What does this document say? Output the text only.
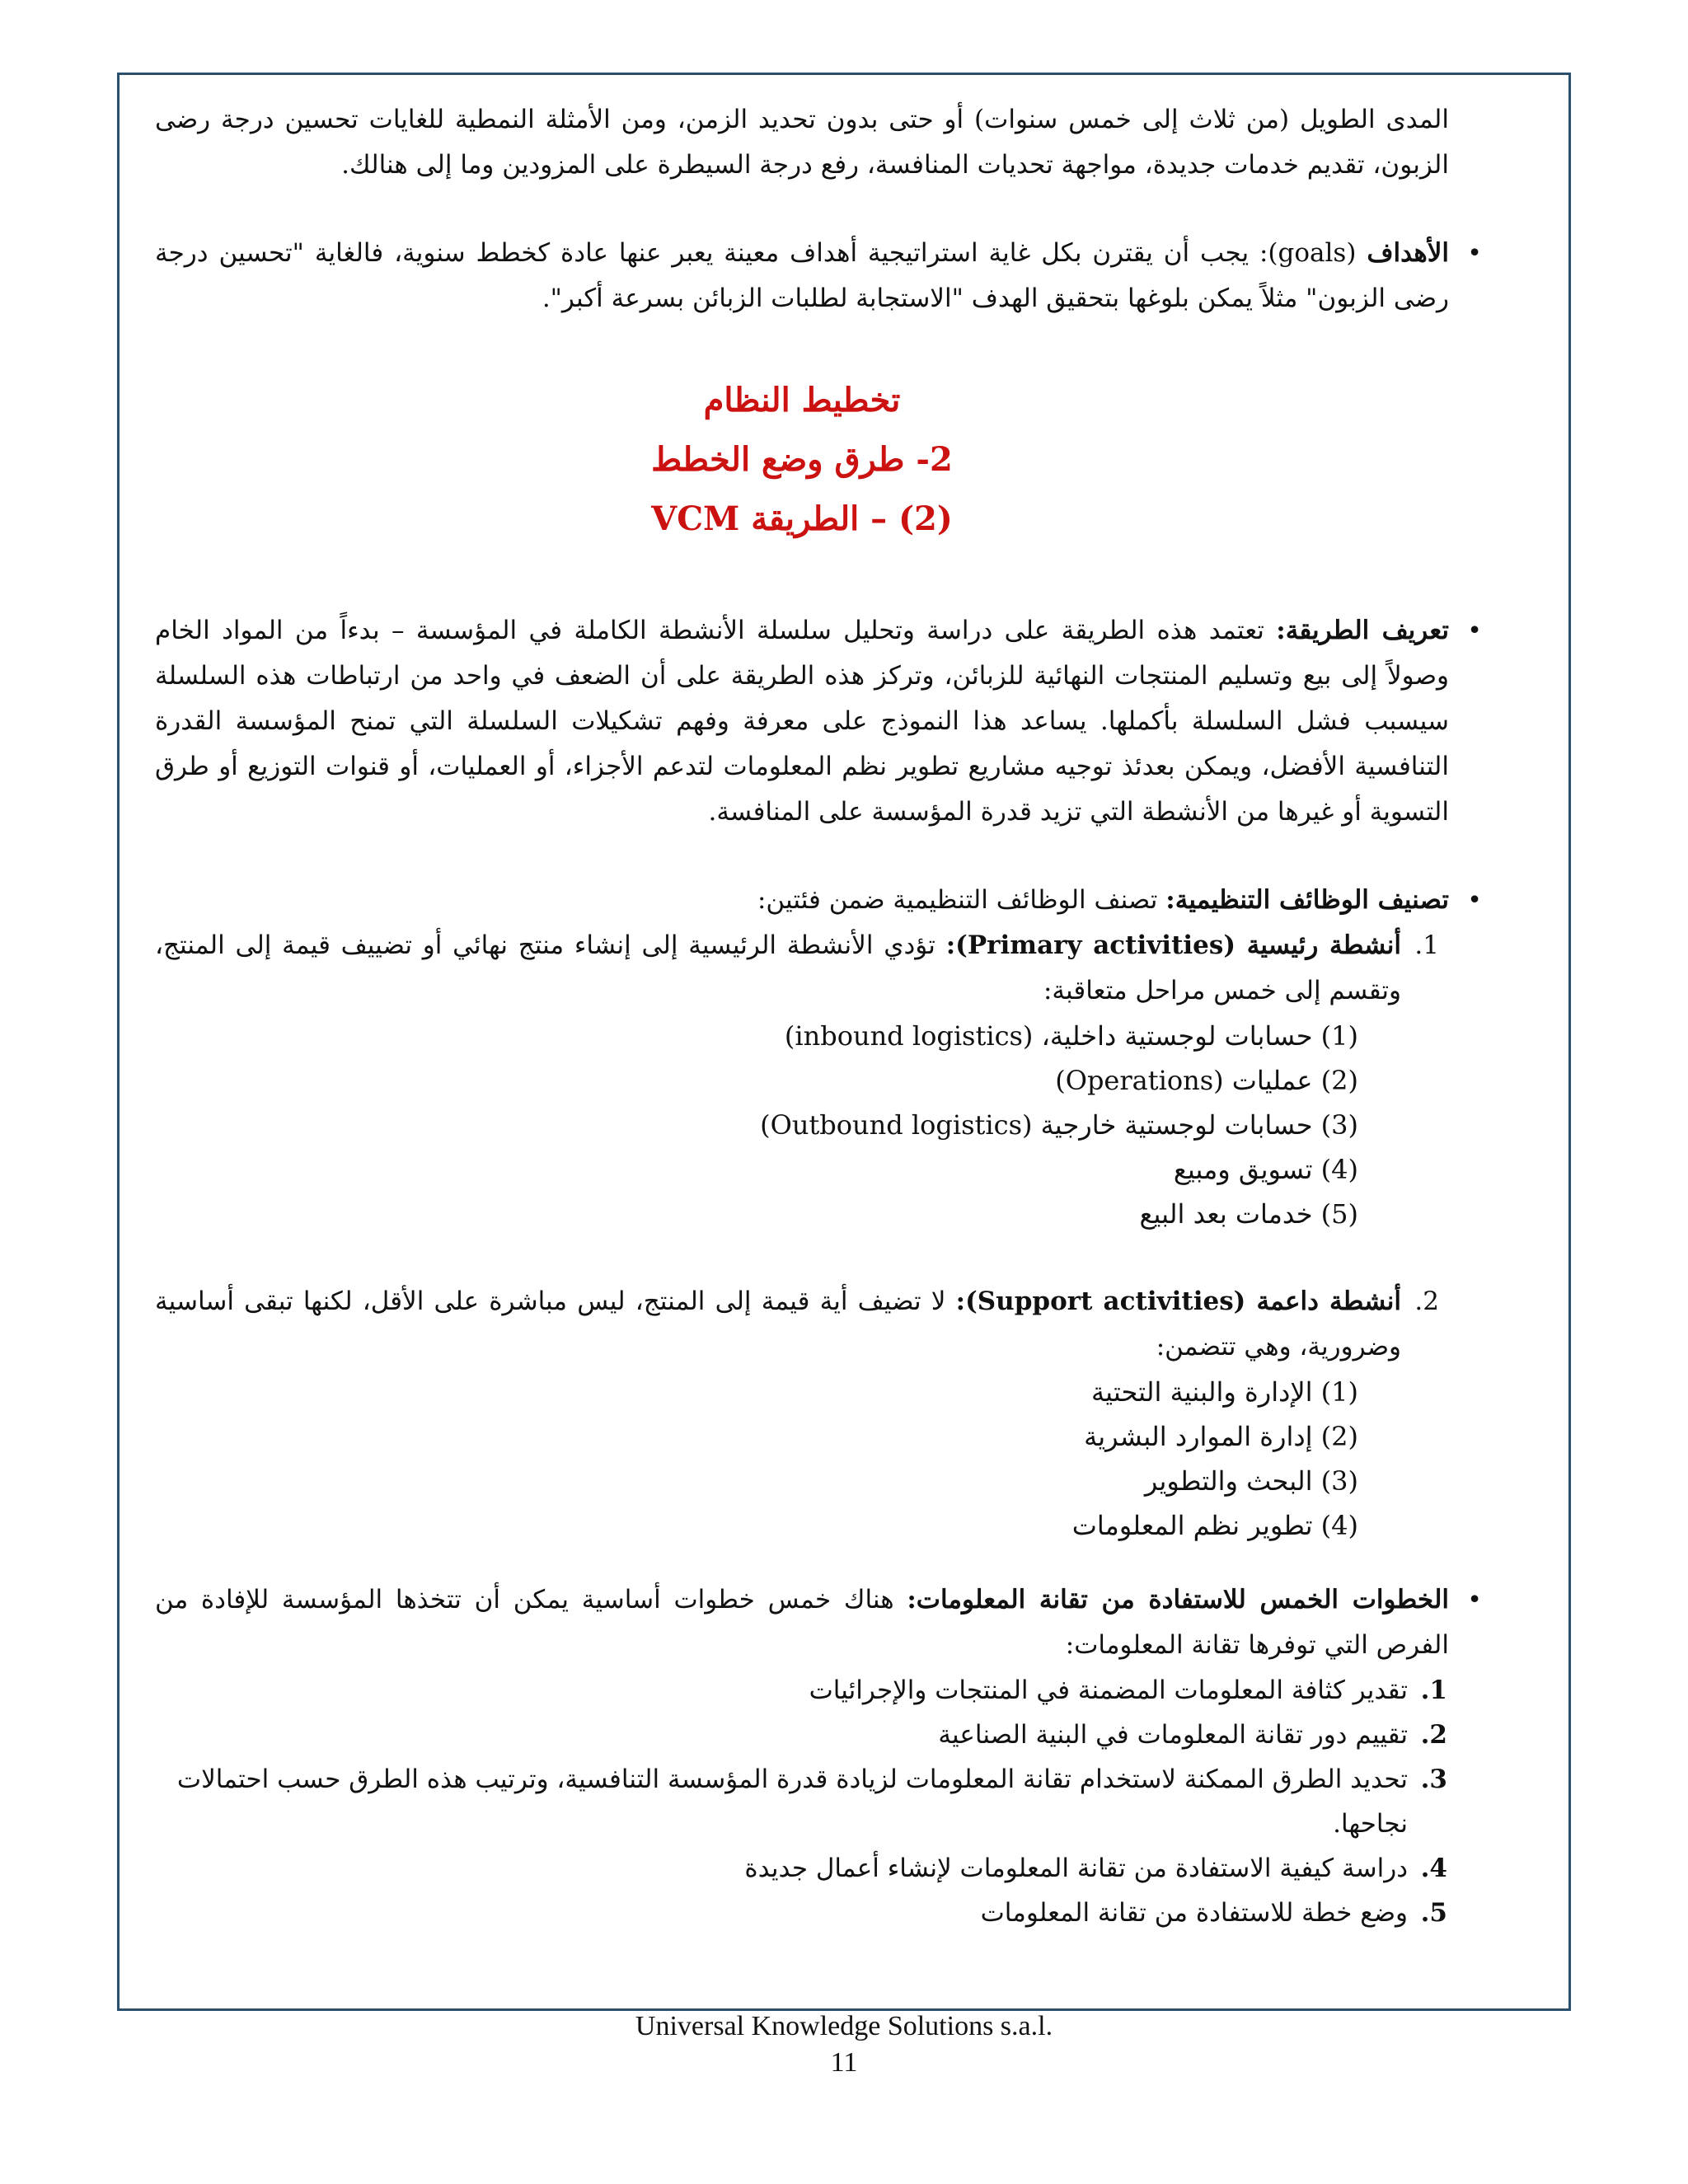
المدى الطويل (من ثلاث إلى خمس سنوات) أو حتى بدون تحديد الزمن، ومن الأمثلة النمطية للغايات تحسين درجة رضى الزبون، تقديم خدمات جديدة، مواجهة تحديات المنافسة، رفع درجة السيطرة على المزودين وما إلى هنالك.

• الأهداف (goals): يجب أن يقترن بكل غاية استراتيجية أهداف معينة يعبر عنها عادة كخطط سنوية، فالغاية "تحسين درجة رضى الزبون" مثلاً يمكن بلوغها بتحقيق الهدف "الاستجابة لطلبات الزبائن بسرعة أكبر".

تخطيط النظام
2- طرق وضع الخطط
(2) – الطريقة VCM

• تعريف الطريقة: تعتمد هذه الطريقة على دراسة وتحليل سلسلة الأنشطة الكاملة في المؤسسة – بدءاً من المواد الخام وصولاً إلى بيع وتسليم المنتجات النهائية للزبائن، وتركز هذه الطريقة على أن الضعف في واحد من ارتباطات هذه السلسلة سيسبب فشل السلسلة بأكملها. يساعد هذا النموذج على معرفة وفهم تشكيلات السلسلة التي تمنح المؤسسة القدرة التنافسية الأفضل، ويمكن بعدئذ توجيه مشاريع تطوير نظم المعلومات لتدعم الأجزاء، أو العمليات، أو قنوات التوزيع أو طرق التسوية أو غيرها من الأنشطة التي تزيد قدرة المؤسسة على المنافسة.

• تصنيف الوظائف التنظيمية: تصنف الوظائف التنظيمية ضمن فئتين:

1.

أنشطة رئيسية (Primary activities): تؤدي الأنشطة الرئيسية إلى إنشاء منتج نهائي أو تضييف قيمة إلى المنتج، وتقسم إلى خمس مراحل متعاقبة:

(1) حسابات لوجستية داخلية، (inbound logistics)
(2) عمليات (Operations)
(3) حسابات لوجستية خارجية (Outbound logistics)
(4) تسويق ومبيع
(5) خدمات بعد البيع
2.

أنشطة داعمة (Support activities): لا تضيف أية قيمة إلى المنتج، ليس مباشرة على الأقل، لكنها تبقى أساسية وضرورية، وهي تتضمن:

(1) الإدارة والبنية التحتية
(2) إدارة الموارد البشرية
(3) البحث والتطوير
(4) تطوير نظم المعلومات

• الخطوات الخمس للاستفادة من تقانة المعلومات: هناك خمس خطوات أساسية يمكن أن تتخذها المؤسسة للإفادة من الفرص التي توفرها تقانة المعلومات:

1.
تقدير كثافة المعلومات المضمنة في المنتجات والإجرائيات
2.
تقييم دور تقانة المعلومات في البنية الصناعية
3.
تحديد الطرق الممكنة لاستخدام تقانة المعلومات لزيادة قدرة المؤسسة التنافسية، وترتيب هذه الطرق حسب احتمالات نجاحها.
4.
دراسة كيفية الاستفادة من تقانة المعلومات لإنشاء أعمال جديدة
5.
وضع خطة للاستفادة من تقانة المعلومات
Universal Knowledge Solutions s.a.l.
11
